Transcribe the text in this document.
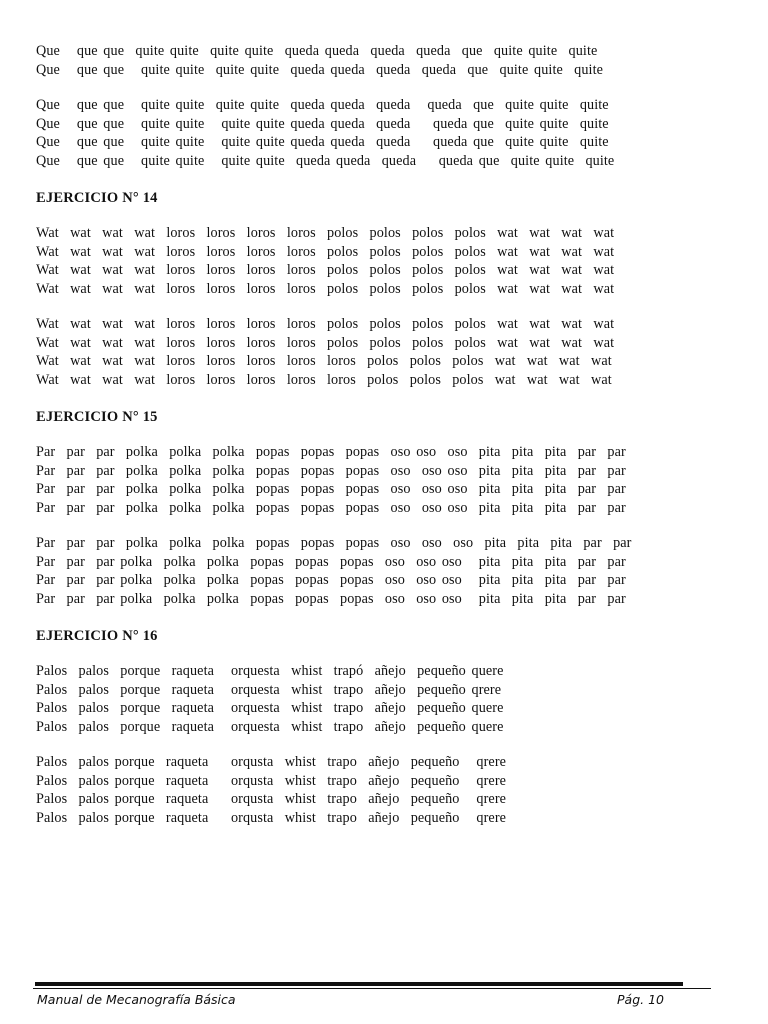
Que   que que  quite quite  quite quite  queda queda  queda  queda  que  quite quite  quite
Que   que que   quite quite  quite quite  queda queda  queda  queda  que  quite quite  quite
Que   que que   quite quite  quite quite  queda queda  queda   queda  que  quite quite  quite
Que   que que   quite quite   quite quite queda queda  queda    queda que  quite quite  quite
Que   que que   quite quite   quite quite queda queda  queda    queda que  quite quite  quite
Que   que que   quite quite   quite quite  queda queda  queda    queda que  quite quite  quite
EJERCICIO N° 14
Wat  wat  wat  wat  loros  loros  loros  loros  polos  polos  polos  polos  wat  wat  wat  wat
Wat  wat  wat  wat  loros  loros  loros  loros  polos  polos  polos  polos  wat  wat  wat  wat
Wat  wat  wat  wat  loros  loros  loros  loros  polos  polos  polos  polos  wat  wat  wat  wat
Wat  wat  wat  wat  loros  loros  loros  loros  polos  polos  polos  polos  wat  wat  wat  wat
Wat  wat  wat  wat  loros  loros  loros  loros  polos  polos  polos  polos  wat  wat  wat  wat
Wat  wat  wat  wat  loros  loros  loros  loros  polos  polos  polos  polos  wat  wat  wat  wat
Wat  wat  wat  wat  loros  loros  loros  loros  loros  polos  polos  polos  wat  wat  wat  wat
Wat  wat  wat  wat  loros  loros  loros  loros  loros  polos  polos  polos  wat  wat  wat  wat
EJERCICIO N° 15
Par  par  par  polka  polka  polka  popas  popas  popas  oso oso  oso  pita  pita  pita  par  par
Par  par  par  polka  polka  polka  popas  popas  popas  oso  oso oso  pita  pita  pita  par  par
Par  par  par  polka  polka  polka  popas  popas  popas  oso  oso oso  pita  pita  pita  par  par
Par  par  par  polka  polka  polka  popas  popas  popas  oso  oso oso  pita  pita  pita  par  par
Par  par  par  polka  polka  polka  popas  popas  popas  oso  oso  oso  pita  pita  pita  par  par
Par  par  par polka  polka  polka  popas  popas  popas  oso  oso oso   pita  pita  pita  par  par
Par  par  par polka  polka  polka  popas  popas  popas  oso  oso oso   pita  pita  pita  par  par
Par  par  par polka  polka  polka  popas  popas  popas  oso  oso oso   pita  pita  pita  par  par
EJERCICIO N° 16
Palos  palos  porque  raqueta   orquesta  whist  trapó  añejo  pequeño quere
Palos  palos  porque  raqueta   orquesta  whist  trapo  añejo  pequeño qrere
Palos  palos  porque  raqueta   orquesta  whist  trapo  añejo  pequeño quere
Palos  palos  porque  raqueta   orquesta  whist  trapo  añejo  pequeño quere
Palos  palos porque  raqueta    orqusta  whist  trapo  añejo  pequeño   qrere
Palos  palos porque  raqueta    orqusta  whist  trapo  añejo  pequeño   qrere
Palos  palos porque  raqueta    orqusta  whist  trapo  añejo  pequeño   qrere
Palos  palos porque  raqueta    orqusta  whist  trapo  añejo  pequeño   qrere
Manual de Mecanografía Básica	Pág. 10
